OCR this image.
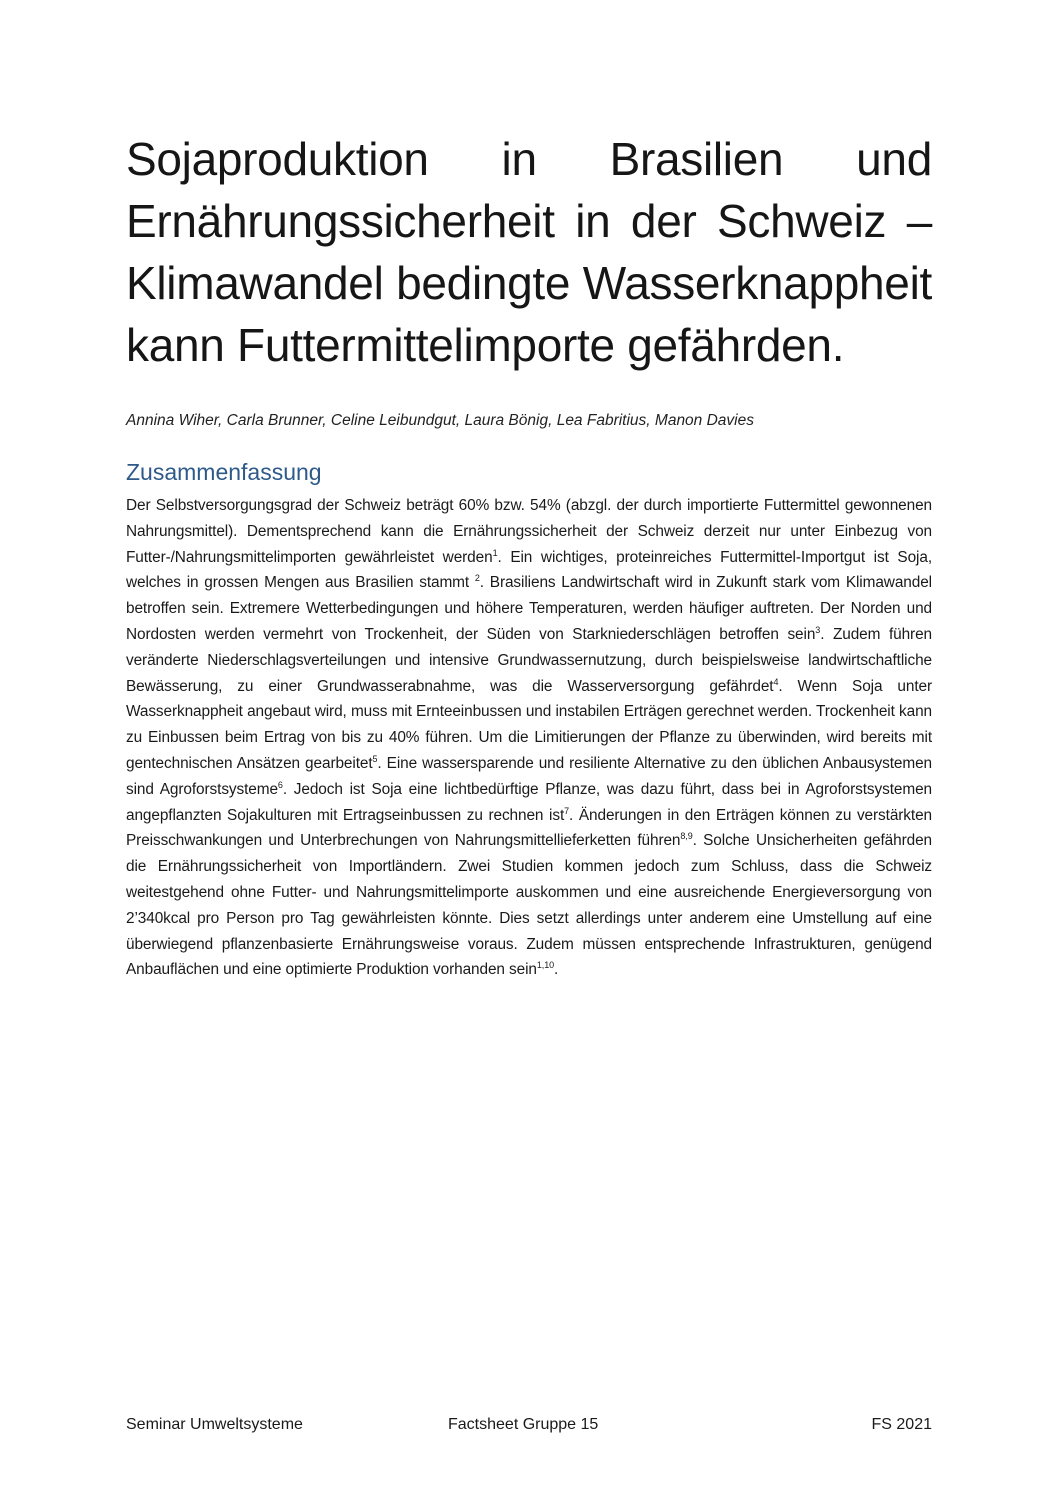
Sojaproduktion in Brasilien und
Ernährungssicherheit in der Schweiz –
Klimawandel bedingte Wasserknappheit
kann Futtermittelimporte gefährden.
Annina Wiher, Carla Brunner, Celine Leibundgut, Laura Bönig, Lea Fabritius, Manon Davies
Zusammenfassung

Der Selbstversorgungsgrad der Schweiz beträgt 60% bzw. 54% (abzgl. der durch importierte Futtermittel gewonnenen Nahrungsmittel). Dementsprechend kann die Ernährungssicherheit der Schweiz derzeit nur unter Einbezug von Futter-/Nahrungsmittelimporten gewährleistet werden$^1$. Ein wichtiges, proteinreiches Futtermittel-Importgut ist Soja, welches in grossen Mengen aus Brasilien stammt $^2$. Brasiliens Landwirtschaft wird in Zukunft stark vom Klimawandel betroffen sein. Extremere Wetterbedingungen und höhere Temperaturen, werden häufiger auftreten. Der Norden und Nordosten werden vermehrt von Trockenheit, der Süden von Starkniederschlägen betroffen sein$^3$. Zudem führen veränderte Niederschlagsverteilungen und intensive Grundwassernutzung, durch beispielsweise landwirtschaftliche Bewässerung, zu einer Grundwasserabnahme, was die Wasserversorgung gefährdet$^4$. Wenn Soja unter Wasserknappheit angebaut wird, muss mit Ernteeinbussen und instabilen Erträgen gerechnet werden. Trockenheit kann zu Einbussen beim Ertrag von bis zu 40% führen. Um die Limitierungen der Pflanze zu überwinden, wird bereits mit gentechnischen Ansätzen gearbeitet$^5$. Eine wassersparende und resiliente Alternative zu den üblichen Anbausystemen sind Agroforstsysteme$^6$. Jedoch ist Soja eine lichtbedürftige Pflanze, was dazu führt, dass bei in Agroforstsystemen angepflanzten Sojakulturen mit Ertragseinbussen zu rechnen ist$^7$. Änderungen in den Erträgen können zu verstärkten Preisschwankungen und Unterbrechungen von Nahrungsmittellieferketten führen$^{8,9}$. Solche Unsicherheiten gefährden die Ernährungssicherheit von Importländern. Zwei Studien kommen jedoch zum Schluss, dass die Schweiz weitestgehend ohne Futter- und Nahrungsmittelimporte auskommen und eine ausreichende Energieversorgung von 2’340kcal pro Person pro Tag gewährleisten könnte. Dies setzt allerdings unter anderem eine Umstellung auf eine überwiegend pflanzenbasierte Ernährungsweise voraus. Zudem müssen entsprechende Infrastrukturen, genügend Anbauflächen und eine optimierte Produktion vorhanden sein$^{1,10}$.

Seminar Umweltsysteme	Factsheet Gruppe 15	FS 2021
